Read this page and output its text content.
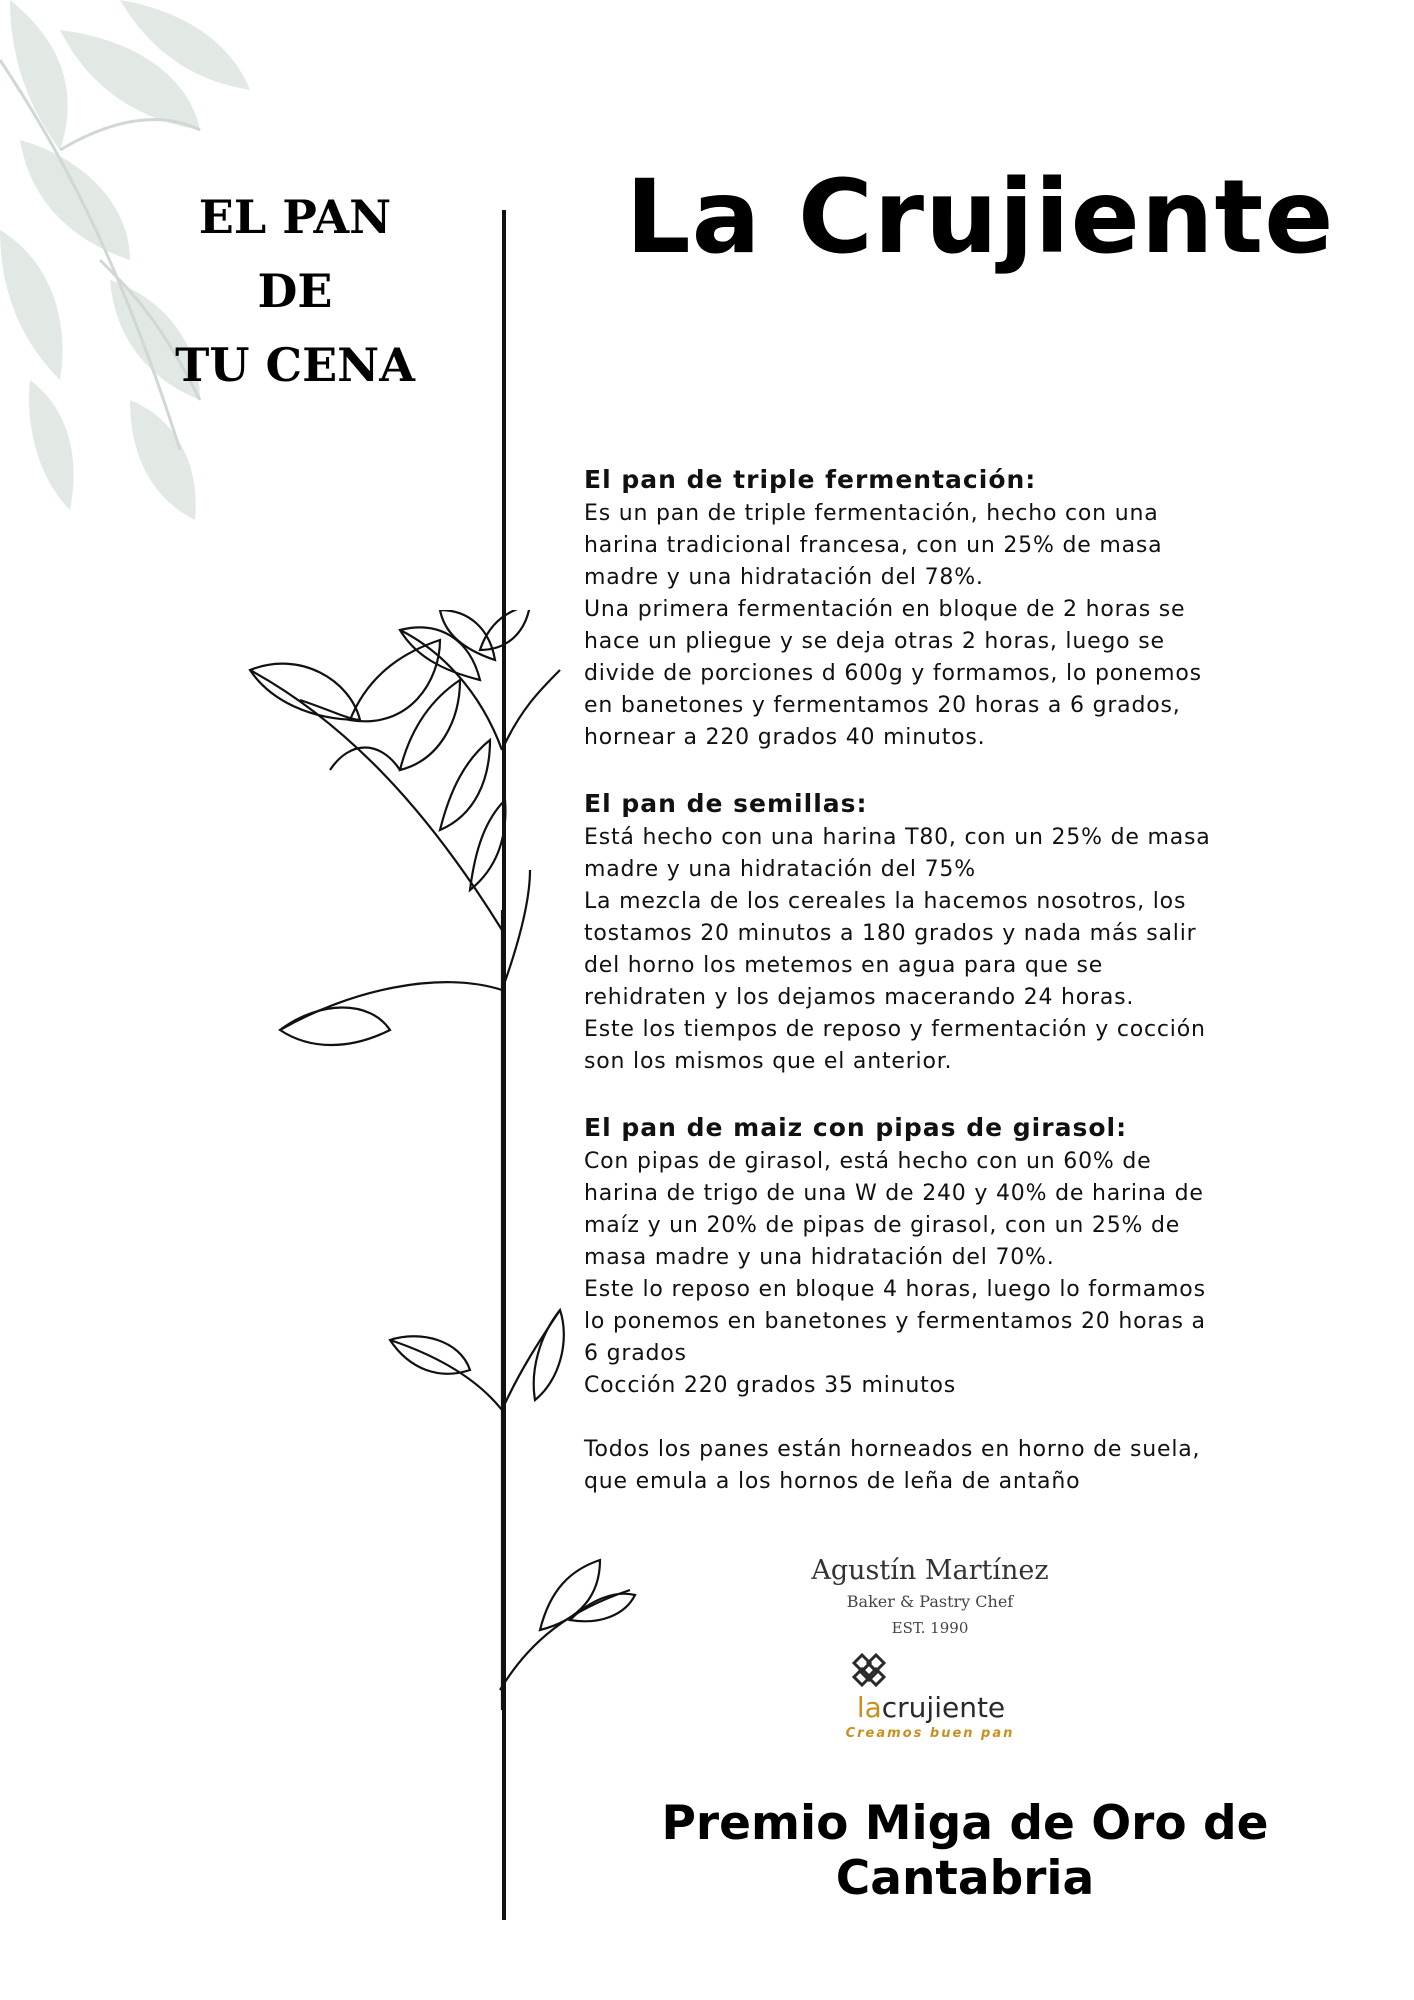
La Crujiente
EL PAN
DE
TU CENA
El pan de triple fermentación:

Es un pan de triple fermentación, hecho con una

harina tradicional francesa, con un 25% de masa

madre y una hidratación del 78%.

Una primera fermentación en bloque de 2 horas se

hace un pliegue y se deja otras 2 horas, luego se

divide de porciones d 600g y formamos, lo ponemos

en banetones y fermentamos 20 horas a 6 grados,

hornear a 220 grados 40 minutos.

El pan de semillas:

Está hecho con una harina T80, con un 25% de masa

madre y una hidratación del 75%

La mezcla de los cereales la hacemos nosotros, los

tostamos 20 minutos a 180 grados y nada más salir

del horno los metemos en agua para que se

rehidraten y los dejamos macerando 24 horas.

Este los tiempos de reposo y fermentación y cocción

son los mismos que el anterior.

El pan de maiz con pipas de girasol:

Con pipas de girasol, está hecho con un 60% de

harina de trigo de una W de 240 y 40% de harina de

maíz y un 20% de pipas de girasol, con un 25% de

masa madre y una hidratación del 70%.

Este lo reposo en bloque 4 horas, luego lo formamos

lo ponemos en banetones y fermentamos 20 horas a

6 grados

Cocción 220 grados 35 minutos

Todos los panes están horneados en horno de suela,

que emula a los hornos de leña de antaño

Agustín Martínez
Baker & Pastry Chef
EST. 1990
lacrujiente
Creamos buen pan
Premio Miga de Oro de Cantabria
